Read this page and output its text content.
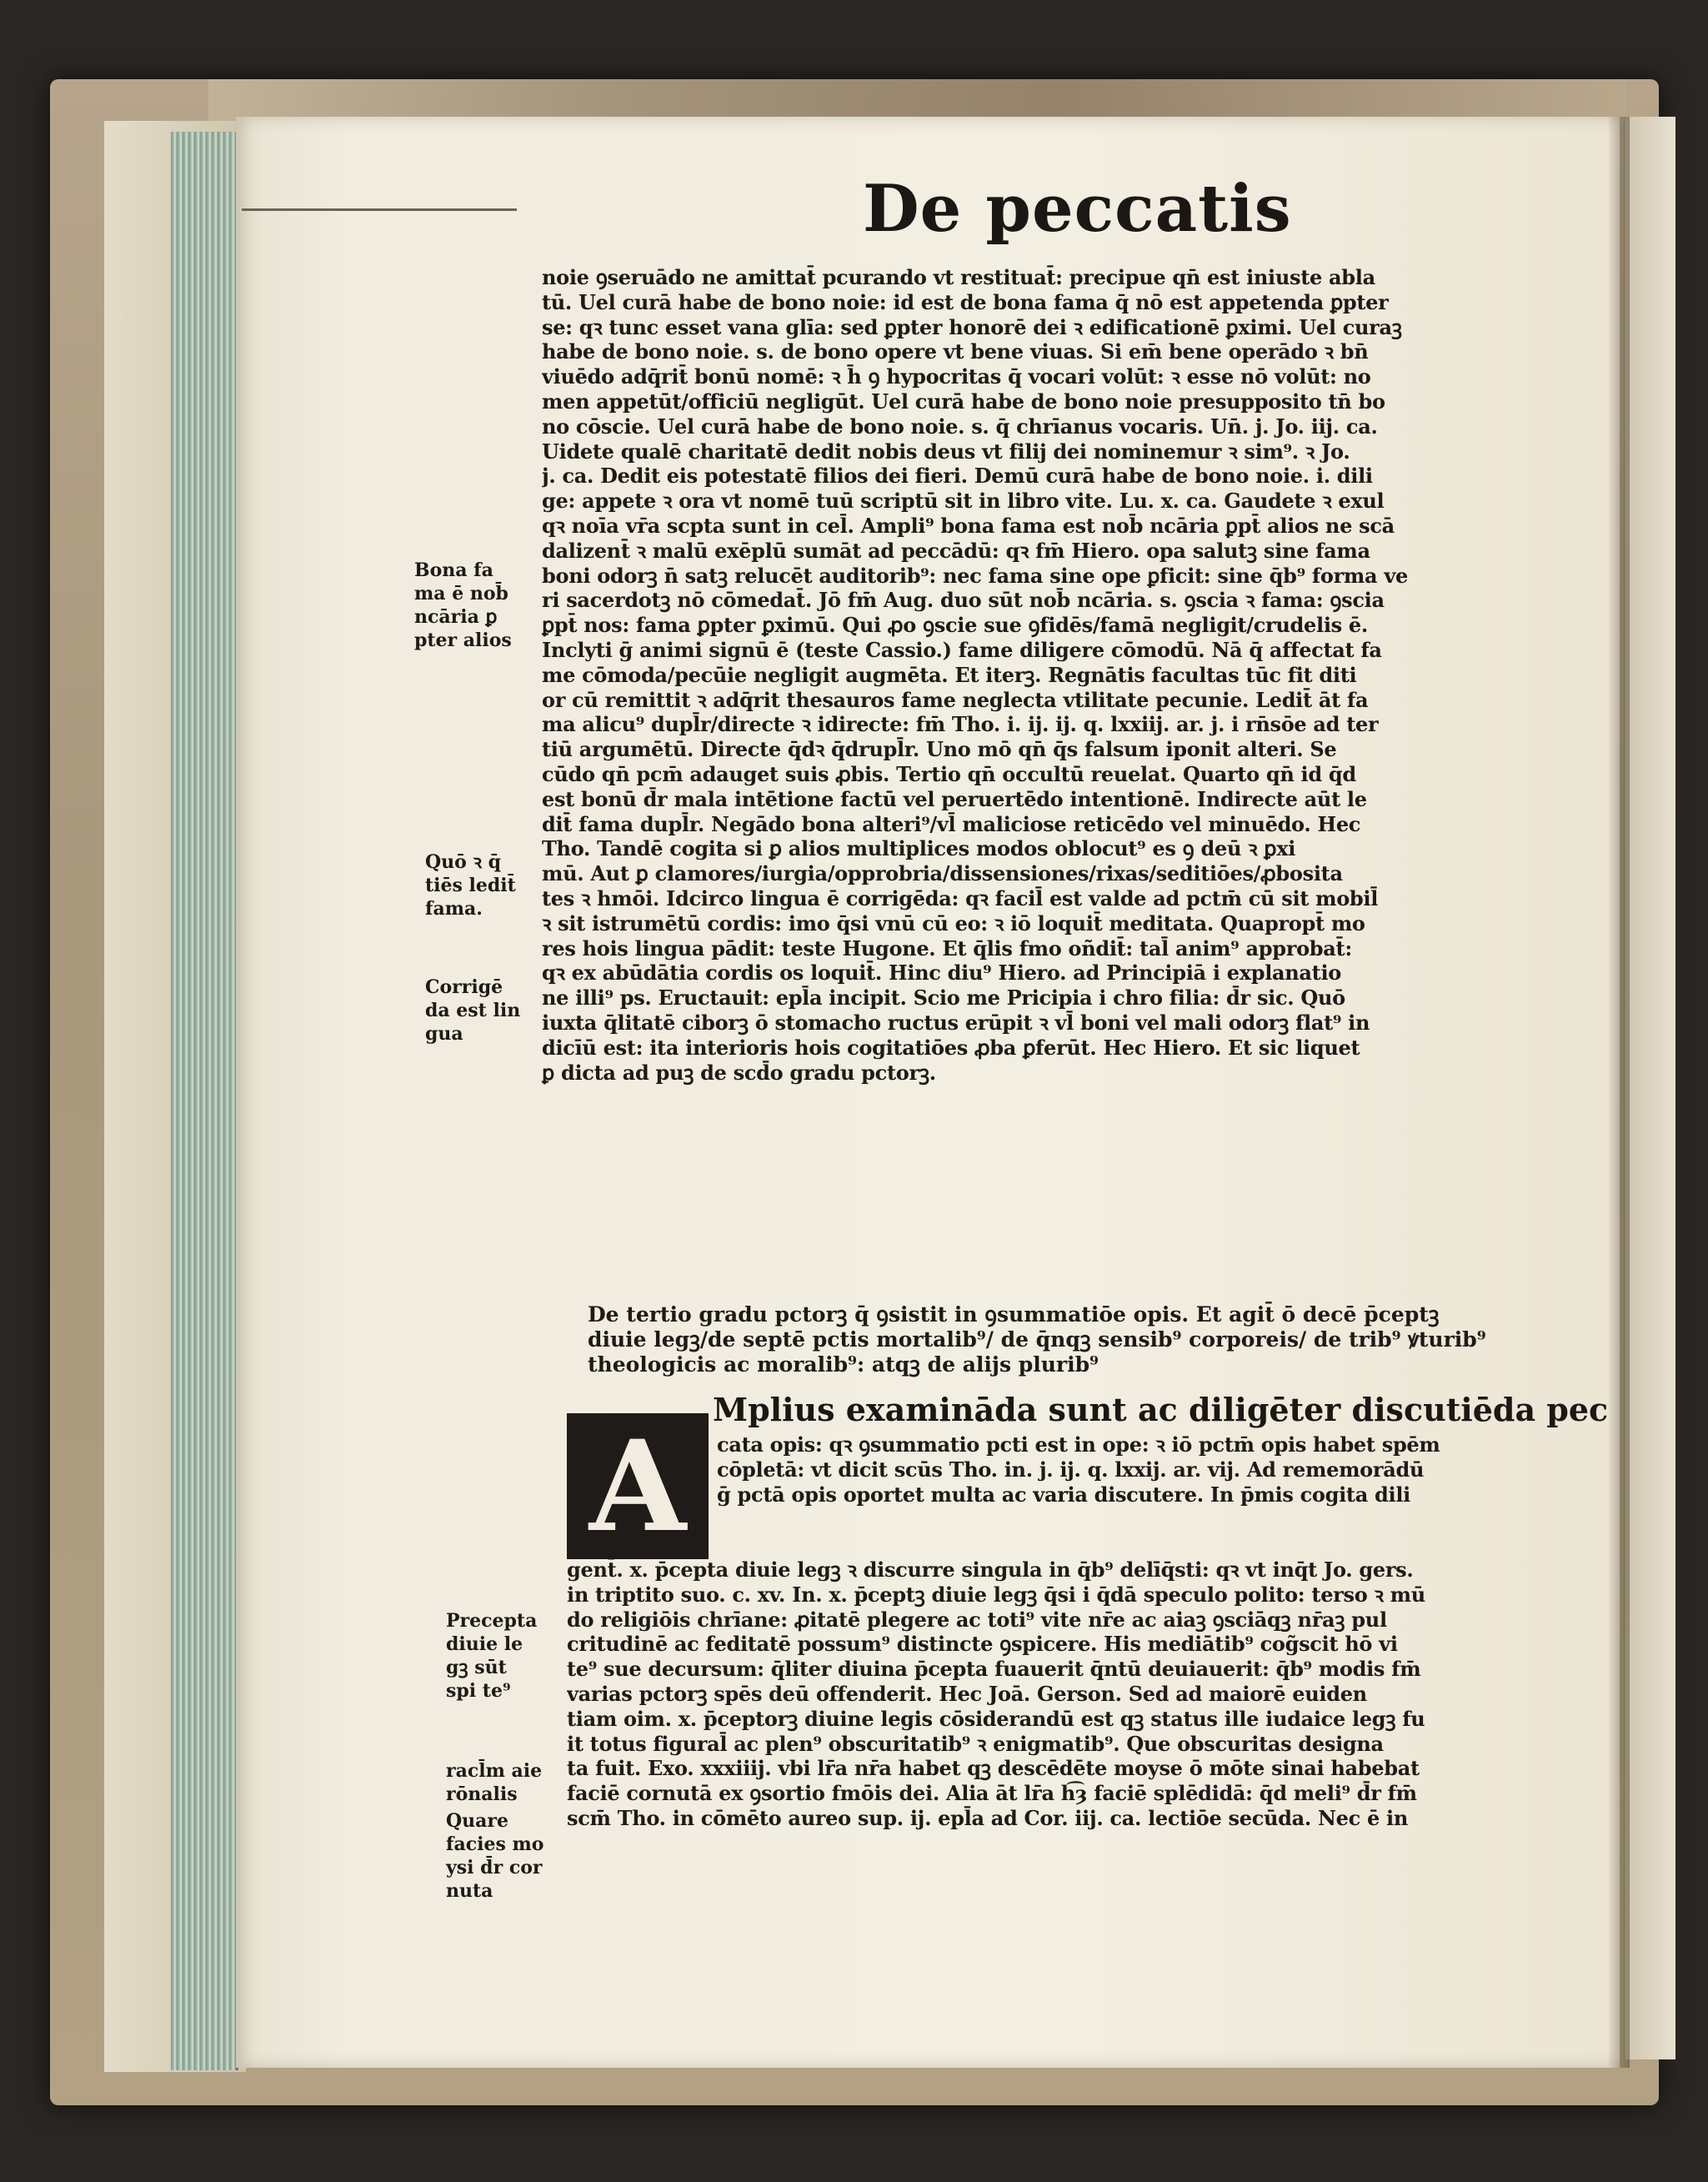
De peccatis
noie ꝯseruādo ne amittat̄ pcurando vt restituat̄: precipue qn̄ est iniuste abla
tū. Uel curā habe de bono noie: id est de bona fama q̄ nō est appetenda ꝑpter
se: qꝛ tunc esset vana glīa: sed ꝑpter honorē dei ꝛ edificationē ꝑximi. Uel curaꝫ
habe de bono noie. s. de bono opere vt bene viuas. Si em̄ bene operādo ꝛ bn̄
viuēdo adq̄rit̄ bonū nomē: ꝛ h̄ ꝯ hypocritas q̄ vocari volūt: ꝛ esse nō volūt: no
men appetūt/officiū negligūt. Uel curā habe de bono noie presupposito tn̄ bo
no cōscie. Uel curā habe de bono noie. s. q̄ chrīanus vocaris. Un̄. j. Jo. iij. ca.
Uidete qualē charitatē dedit nobis deus vt filij dei nominemur ꝛ sim⁹. ꝛ Jo.
j. ca. Dedit eis potestatē filios dei fieri. Demū curā habe de bono noie. i. dili
ge: appete ꝛ ora vt nomē tuū scriptū sit in libro vite. Lu. x. ca. Gaudete ꝛ exul
qꝛ noīa vr̄a scpta sunt in cel̄. Ampli⁹ bona fama est nob̄ ncāria ꝑpt̄ alios ne scā
dalizent̄ ꝛ malū exēplū sumāt ad peccādū: qꝛ fm̄ Hiero. opa salutꝫ sine fama
boni odorꝫ n̄ satꝫ relucēt auditorib⁹: nec fama sine ope ꝑficit: sine q̄b⁹ forma ve
ri sacerdotꝫ nō cōmedat̄. Jō fm̄ Aug. duo sūt nob̄ ncāria. s. ꝯscia ꝛ fama: ꝯscia
ꝑpt̄ nos: fama ꝑpter ꝑximū. Qui ꝓo ꝯscie sue ꝯfidēs/famā negligit/crudelis ē.
Inclyti ḡ animi signū ē (teste Cassio.) fame diligere cōmodū. Nā q̄ affectat fa
me cōmoda/pecūie negligit augmēta. Et iterꝫ. Regnātis facultas tūc fit diti
or cū remittit ꝛ adq̄rit thesauros fame neglecta vtilitate pecunie. Ledit̄ āt fa
ma alicu⁹ dupl̄r/directe ꝛ idirecte: fm̄ Tho. i. ij. ij. q. lxxiij. ar. j. i rn̄sōe ad ter
tiū argumētū. Directe q̄dꝛ q̄drupl̄r. Uno mō qn̄ q̄s falsum iponit alteri. Se
cūdo qn̄ pcm̄ adauget suis ꝓbis. Tertio qn̄ occultū reuelat. Quarto qn̄ id q̄d
est bonū d̄r mala intētione factū vel peruertēdo intentionē. Indirecte aūt le
dit̄ fama dupl̄r. Negādo bona alteri⁹/vl̄ maliciose reticēdo vel minuēdo. Hec
Tho. Tandē cogita si ꝑ alios multiplices modos oblocut⁹ es ꝯ deū ꝛ ꝑxi
mū. Aut ꝑ clamores/iurgia/opprobria/dissensiones/rixas/seditiōes/ꝓbosita
tes ꝛ hmōi. Idcirco lingua ē corrigēda: qꝛ facil̄ est valde ad pctm̄ cū sit mobil̄
ꝛ sit istrumētū cordis: imo q̄si vnū cū eo: ꝛ iō loquit̄ meditata. Quapropt̄ mo
res hois lingua pādit: teste Hugone. Et q̄lis fmo oñdit̄: tal̄ anim⁹ approbat̄:
qꝛ ex abūdātia cordis os loquit̄. Hinc diu⁹ Hiero. ad Principiā i explanatio
ne illi⁹ ps. Eructauit: epl̄a incipit. Scio me Pricipia i chro filia: d̄r sic. Quō
iuxta q̄litatē ciborꝫ ō stomacho ructus erūpit ꝛ vl̄ boni vel mali odorꝫ flat⁹ in
dicīū est: ita interioris hois cogitatiōes ꝓba ꝑferūt. Hec Hiero. Et sic liquet
ꝑ dicta ad puꝫ de scd̄o gradu pctorꝫ.
De tertio gradu pctorꝫ q̄ ꝯsistit in ꝯsummatiōe opis. Et agit̄ ō decē p̄ceptꝫ
diuie legꝫ/de septē pctis mortalib⁹/ de q̄nqꝫ sensib⁹ corporeis/ de trib⁹ ꝟturib⁹
theologicis ac moralib⁹: atqꝫ de alijs plurib⁹
A
Mplius examināda sunt ac diligēter discutiēda pec
cata opis: qꝛ ꝯsummatio pcti est in ope: ꝛ iō pctm̄ opis habet spēm
cōpletā: vt dicit scūs Tho. in. j. ij. q. lxxij. ar. vij. Ad rememorādū
ḡ pctā opis oportet multa ac varia discutere. In p̄mis cogita dili
gent̄. x. p̄cepta diuie legꝫ ꝛ discurre singula in q̄b⁹ delīq̄sti: qꝛ vt inq̄t Jo. gers.
in triptito suo. c. xv. In. x. p̄ceptꝫ diuie legꝫ q̄si i q̄dā speculo polito: terso ꝛ mū
do religiōis chrīane: ꝓitatē plegere ac toti⁹ vite nr̄e ac aiaꝫ ꝯsciāqꝫ nr̄aꝫ pul
critudinē ac feditatē possum⁹ distincte ꝯspicere. His mediātib⁹ cog̃scit hō vi
te⁹ sue decursum: q̄liter diuina p̄cepta fuauerit q̄ntū deuiauerit: q̄b⁹ modis fm̄
varias pctorꝫ spēs deū offenderit. Hec Joā. Gerson. Sed ad maiorē euiden
tiam oim. x. p̄ceptorꝫ diuine legis cōsiderandū est qꝫ status ille iudaice legꝫ fu
it totus figural̄ ac plen⁹ obscuritatib⁹ ꝛ enigmatib⁹. Que obscuritas designa
ta fuit. Exo. xxxiiij. vbi lr̄a nr̄a habet qꝫ descēdēte moyse ō mōte sinai habebat
faciē cornutā ex ꝯsortio fmōis dei. Alia āt lr̄a h͡ȝ faciē splēdidā: q̄d meli⁹ d̄r fm̄
scm̄ Tho. in cōmēto aureo sup. ij. epl̄a ad Cor. iij. ca. lectiōe secūda. Nec ē in
Bona fa
ma ē nob̄
ncāria ꝑ
pter alios
Quō ꝛ q̄
tiēs ledit̄
fama.
Corrigē
da est lin
gua
Precepta
diuie le
gꝫ sūt
spi te⁹
racl̄m aie
rōnalis
Quare
facies mo
ysi d̄r cor
nuta
